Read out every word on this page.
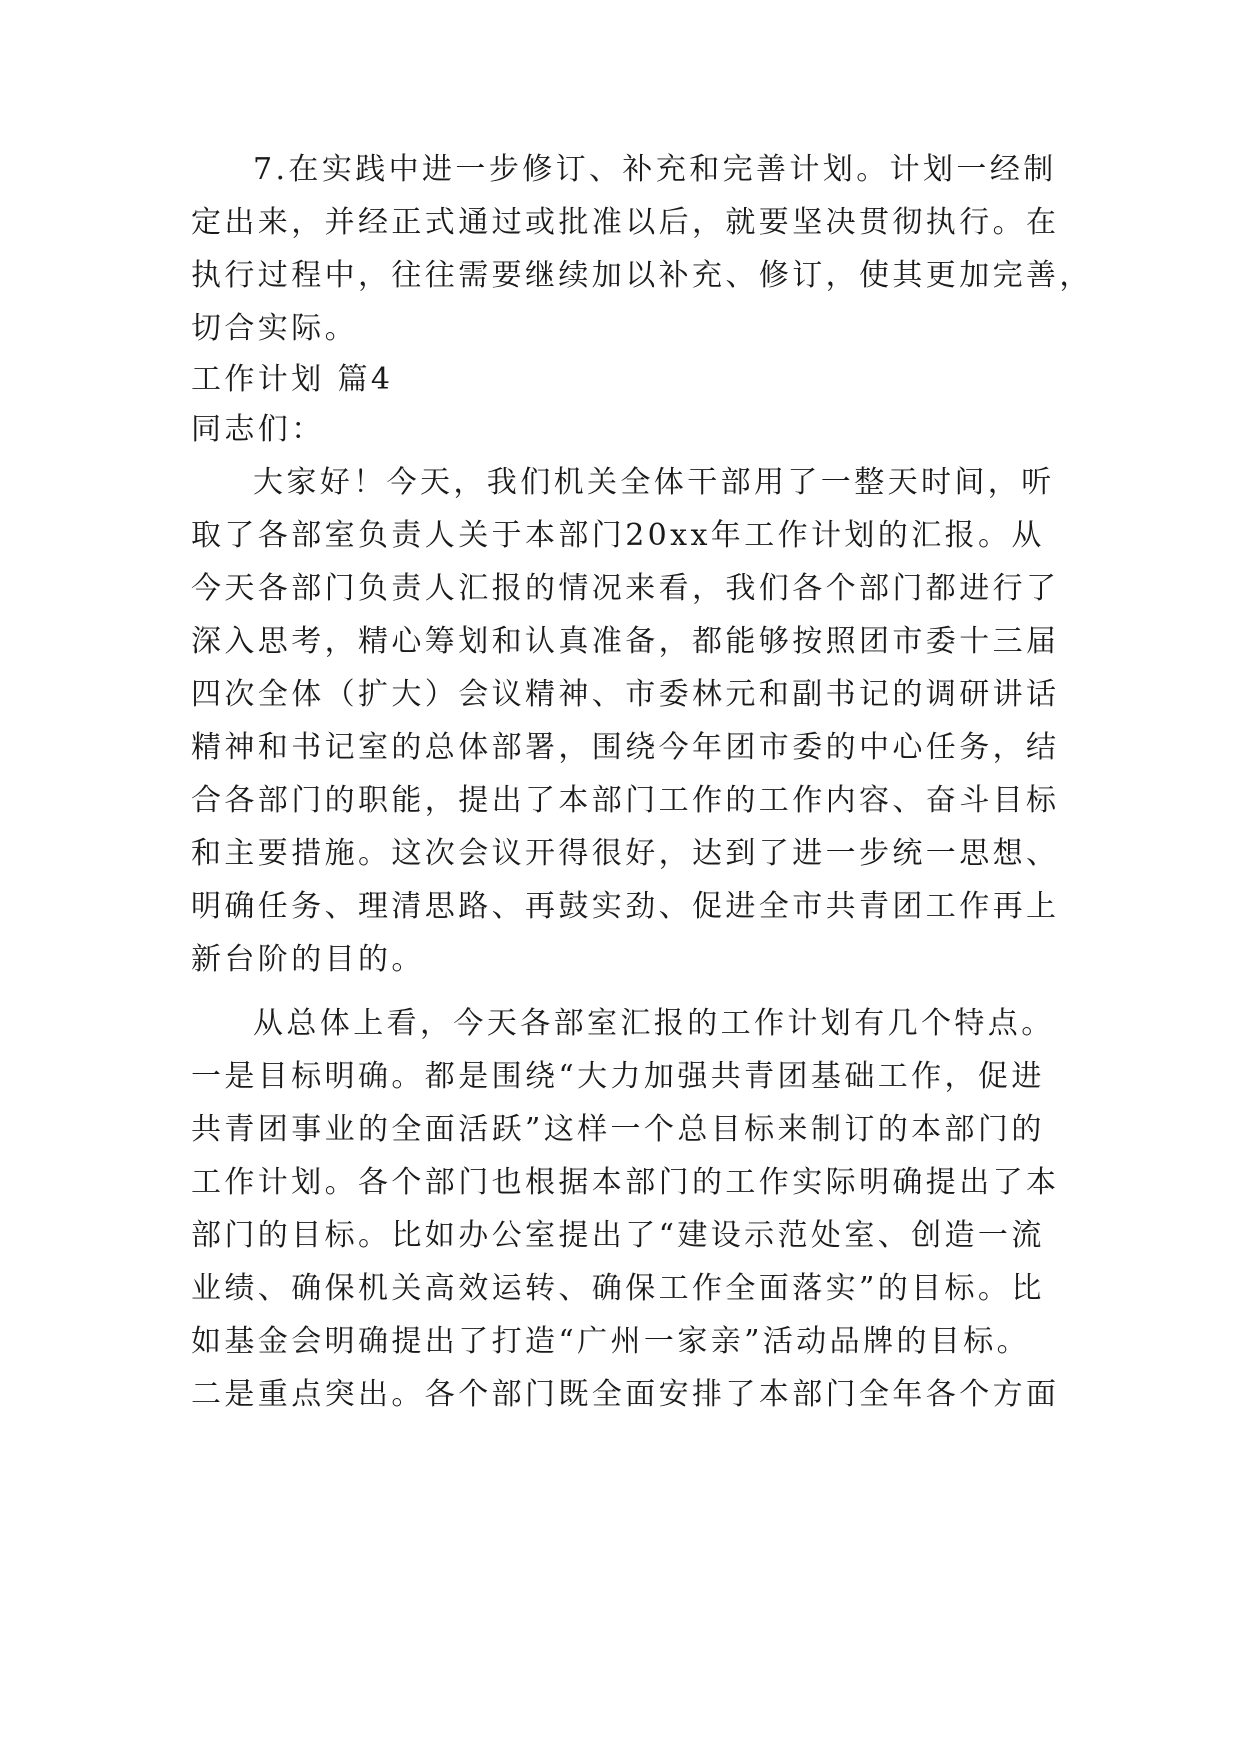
7.在实践中进一步修订、补充和完善计划。计划一经制
定出来，并经正式通过或批准以后，就要坚决贯彻执行。在
执行过程中，往往需要继续加以补充、修订，使其更加完善，
切合实际。
工作计划 篇4
同志们：
大家好！今天，我们机关全体干部用了一整天时间，听
取了各部室负责人关于本部门20xx年工作计划的汇报。从
今天各部门负责人汇报的情况来看，我们各个部门都进行了
深入思考，精心筹划和认真准备，都能够按照团市委十三届
四次全体（扩大）会议精神、市委林元和副书记的调研讲话
精神和书记室的总体部署，围绕今年团市委的中心任务，结
合各部门的职能，提出了本部门工作的工作内容、奋斗目标
和主要措施。这次会议开得很好，达到了进一步统一思想、
明确任务、理清思路、再鼓实劲、促进全市共青团工作再上
新台阶的目的。
从总体上看，今天各部室汇报的工作计划有几个特点。
一是目标明确。都是围绕“大力加强共青团基础工作，促进
共青团事业的全面活跃”这样一个总目标来制订的本部门的
工作计划。各个部门也根据本部门的工作实际明确提出了本
部门的目标。比如办公室提出了“建设示范处室、创造一流
业绩、确保机关高效运转、确保工作全面落实”的目标。比
如基金会明确提出了打造“广州一家亲”活动品牌的目标。
二是重点突出。各个部门既全面安排了本部门全年各个方面
